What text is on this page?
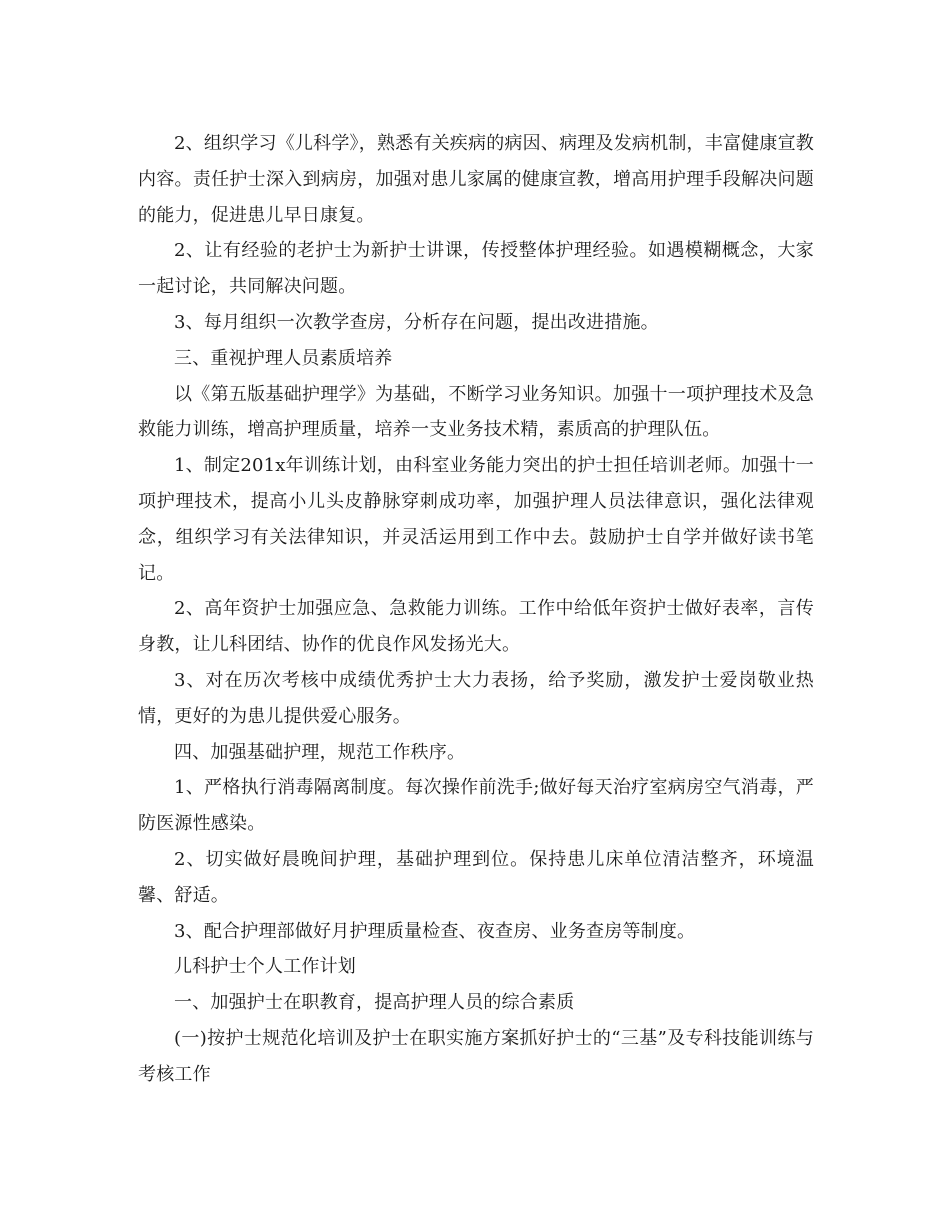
2、组织学习《儿科学》，熟悉有关疾病的病因、病理及发病机制，丰富健康宣教内容。责任护士深入到病房，加强对患儿家属的健康宣教，增高用护理手段解决问题的能力，促进患儿早日康复。

2、让有经验的老护士为新护士讲课，传授整体护理经验。如遇模糊概念，大家一起讨论，共同解决问题。

3、每月组织一次教学查房，分析存在问题，提出改进措施。

三、重视护理人员素质培养

以《第五版基础护理学》为基础，不断学习业务知识。加强十一项护理技术及急救能力训练，增高护理质量，培养一支业务技术精，素质高的护理队伍。

1、制定201x年训练计划，由科室业务能力突出的护士担任培训老师。加强十一项护理技术，提高小儿头皮静脉穿刺成功率，加强护理人员法律意识，强化法律观念，组织学习有关法律知识，并灵活运用到工作中去。鼓励护士自学并做好读书笔记。

2、高年资护士加强应急、急救能力训练。工作中给低年资护士做好表率，言传身教，让儿科团结、协作的优良作风发扬光大。

3、对在历次考核中成绩优秀护士大力表扬，给予奖励，激发护士爱岗敬业热情，更好的为患儿提供爱心服务。

四、加强基础护理，规范工作秩序。

1、严格执行消毒隔离制度。每次操作前洗手;做好每天治疗室病房空气消毒，严防医源性感染。

2、切实做好晨晚间护理，基础护理到位。保持患儿床单位清洁整齐，环境温馨、舒适。

3、配合护理部做好月护理质量检查、夜查房、业务查房等制度。

儿科护士个人工作计划

一、加强护士在职教育，提高护理人员的综合素质

(一)按护士规范化培训及护士在职实施方案抓好护士的“三基”及专科技能训练与考核工作
